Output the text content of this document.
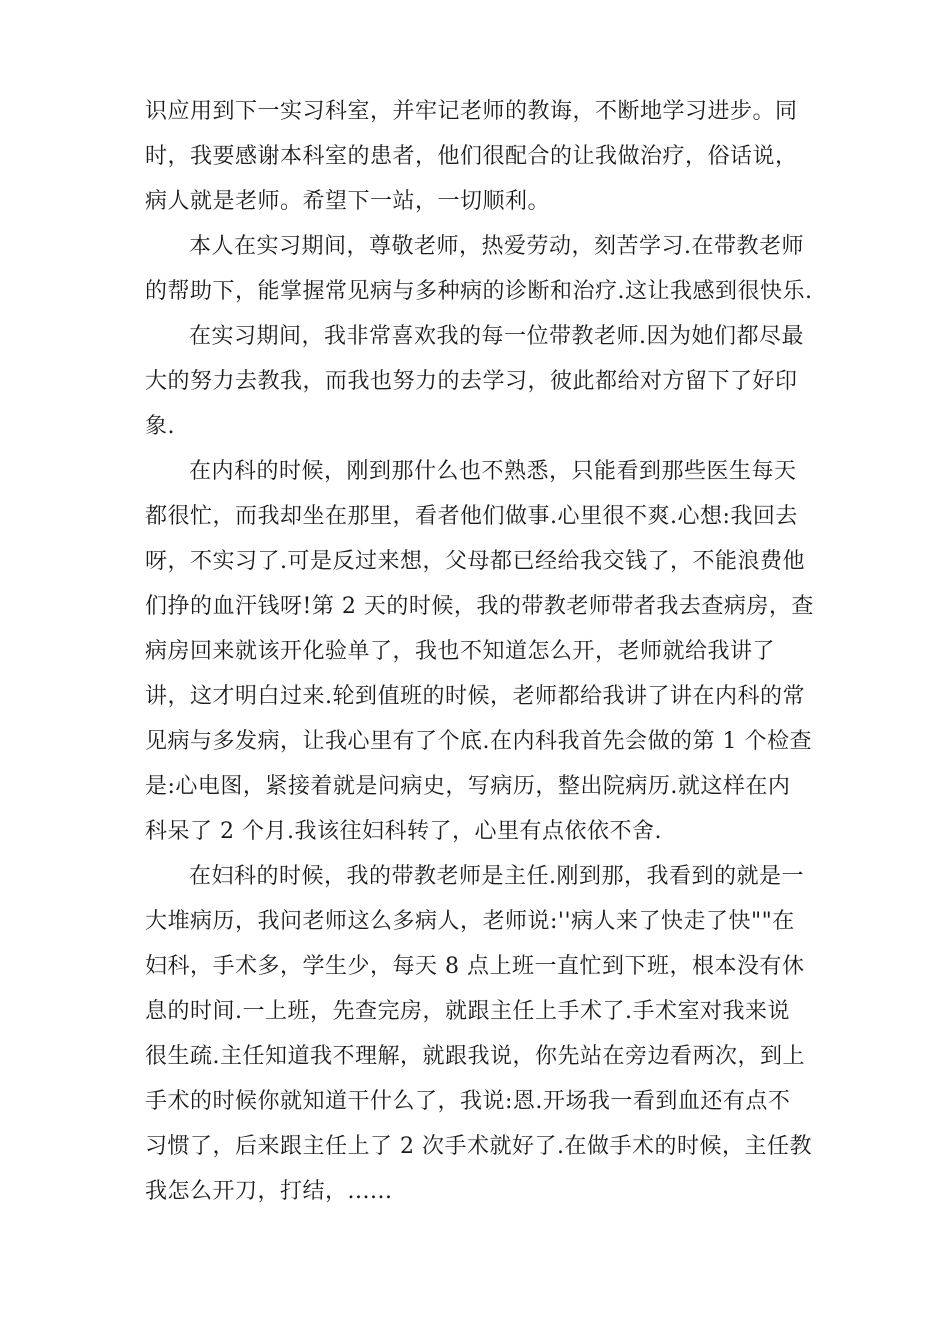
识应用到下一实习科室，并牢记老师的教诲，不断地学习进步。同
时，我要感谢本科室的患者，他们很配合的让我做治疗，俗话说，
病人就是老师。希望下一站，一切顺利。
本人在实习期间，尊敬老师，热爱劳动，刻苦学习.在带教老师
的帮助下，能掌握常见病与多种病的诊断和治疗.这让我感到很快乐.
在实习期间，我非常喜欢我的每一位带教老师.因为她们都尽最
大的努力去教我，而我也努力的去学习，彼此都给对方留下了好印
象.
在内科的时候，刚到那什么也不熟悉，只能看到那些医生每天
都很忙，而我却坐在那里，看者他们做事.心里很不爽.心想:我回去
呀，不实习了.可是反过来想，父母都已经给我交钱了，不能浪费他
们挣的血汗钱呀!第 2 天的时候，我的带教老师带者我去查病房，查
病房回来就该开化验单了，我也不知道怎么开，老师就给我讲了
讲，这才明白过来.轮到值班的时候，老师都给我讲了讲在内科的常
见病与多发病，让我心里有了个底.在内科我首先会做的第 1 个检查
是:心电图，紧接着就是问病史，写病历，整出院病历.就这样在内
科呆了 2 个月.我该往妇科转了，心里有点依依不舍.
在妇科的时候，我的带教老师是主任.刚到那，我看到的就是一
大堆病历，我问老师这么多病人，老师说:''病人来了快走了快""在
妇科，手术多，学生少，每天 8 点上班一直忙到下班，根本没有休
息的时间.一上班，先查完房，就跟主任上手术了.手术室对我来说
很生疏.主任知道我不理解，就跟我说，你先站在旁边看两次，到上
手术的时候你就知道干什么了，我说:恩.开场我一看到血还有点不
习惯了，后来跟主任上了 2 次手术就好了.在做手术的时候，主任教
我怎么开刀，打结，......
